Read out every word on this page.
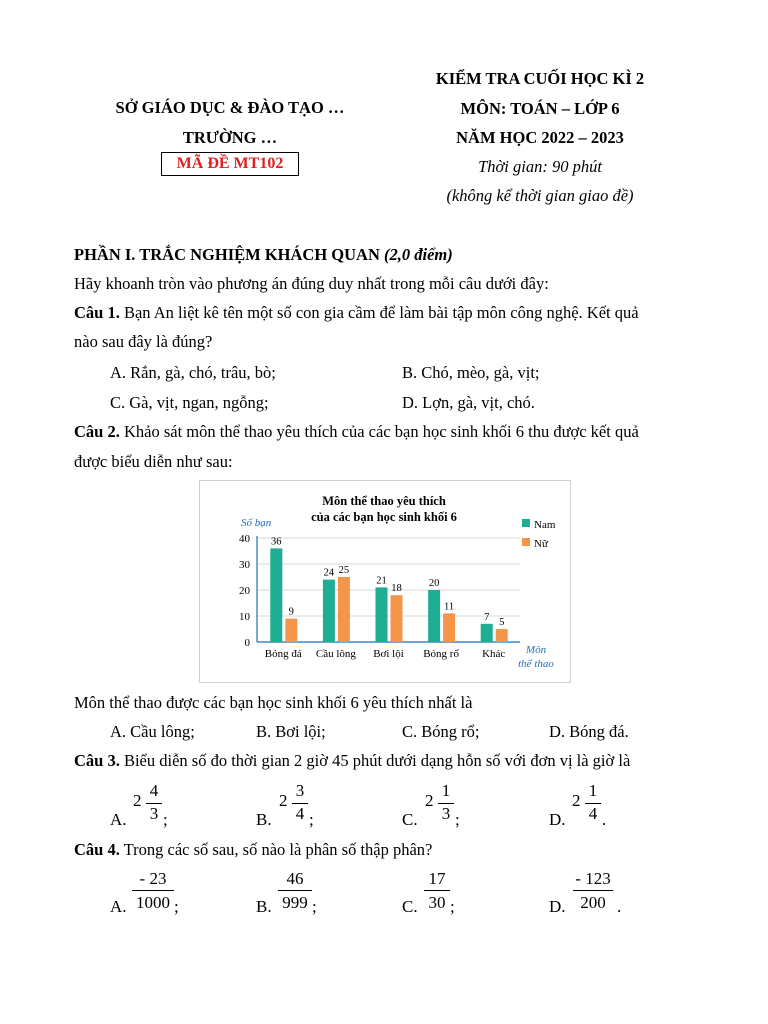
SỞ GIÁO DỤC & ĐÀO TẠO …
TRƯỜNG …
MÃ ĐỀ MT102
KIỂM TRA CUỐI HỌC KÌ 2
MÔN: TOÁN – LỚP 6
NĂM HỌC 2022 – 2023
Thời gian: 90 phút
(không kể thời gian giao đề)
PHẦN I. TRẮC NGHIỆM KHÁCH QUAN (2,0 điểm)
Hãy khoanh tròn vào phương án đúng duy nhất trong mỗi câu dưới đây:
Câu 1. Bạn An liệt kê tên một số con gia cầm để làm bài tập môn công nghệ. Kết quả
nào sau đây là đúng?
A. Rắn, gà, chó, trâu, bò;	B. Chó, mèo, gà, vịt;
C. Gà, vịt, ngan, ngỗng;	D. Lợn, gà, vịt, chó.
Câu 2. Khảo sát môn thể thao yêu thích của các bạn học sinh khối 6 thu được kết quả
được biểu diễn như sau:
Môn thể thao yêu thích
của các bạn học sinh khối 6
Số bạn
Môn
thể thao
0
10
20
30
40
Bóng đá
36
9
Cầu lông
24 25
Bơi lội
21
18
Bóng rổ
20
11
Khác
7 5
Nam
Nữ
Môn thể thao được các bạn học sinh khối 6 yêu thích nhất là
A. Cầu lông;	B. Bơi lội;	C. Bóng rổ;	D. Bóng đá.
Câu 3. Biểu diễn số đo thời gian 2 giờ 45 phút dưới dạng hỗn số với đơn vị là giờ là
A.
2
4
3 ;	B.
2
3
4 ;	C.
2
1
3 ;	D.
2
1
4 .
Câu 4. Trong các số sau, số nào là phân số thập phân?
A.
- 23
1000 ;	B.
46
999 ;	C.
17
30 ;	D.
- 123
200 .
